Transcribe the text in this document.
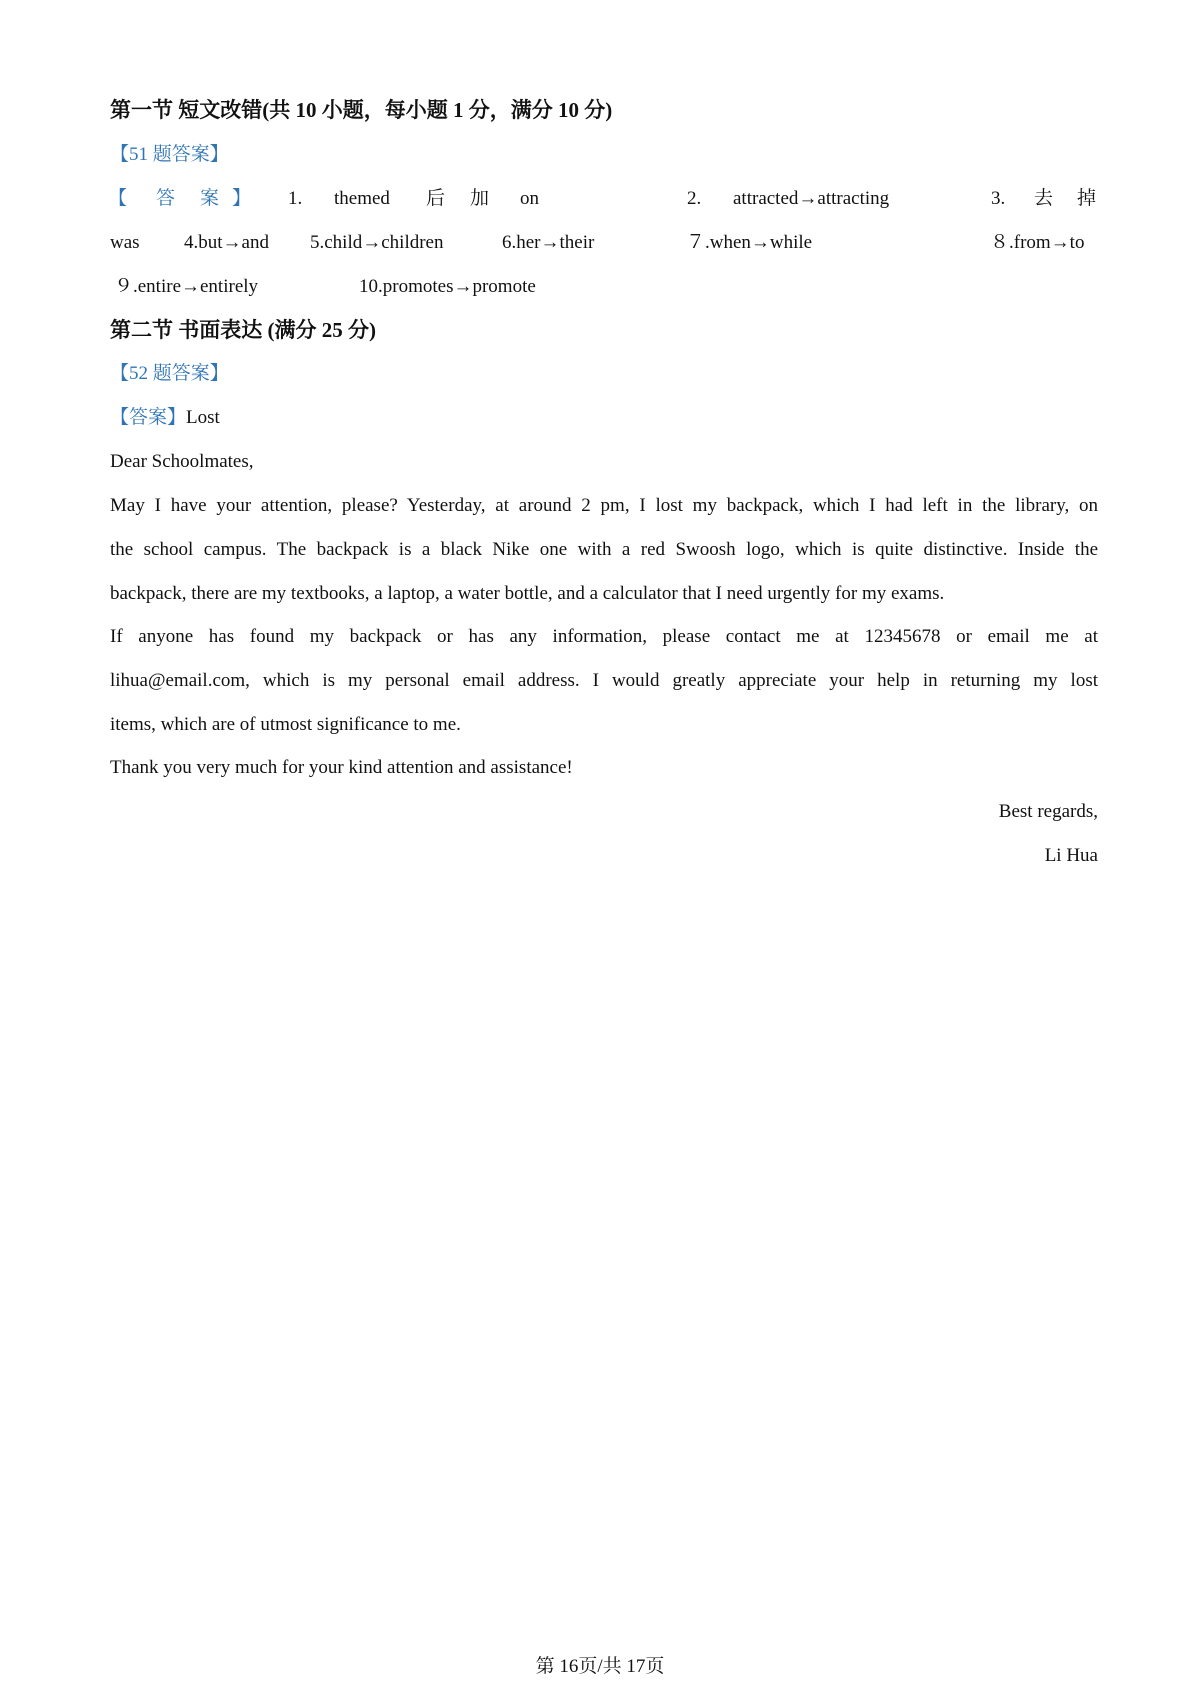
第一节 短文改错(共 10 小题，每小题 1 分，满分 10 分)
【51 题答案】
【 答 案 】 1. themed 后 加 on	2. attracted→attracting	3. 去 掉
was 4.but→and 5.child→children	6.her→their	７.when→while	８.from→to
９.entire→entirely	10.promotes→promote
第二节 书面表达 (满分 25 分)
【52 题答案】
【答案】Lost
Dear Schoolmates,
May I have your attention, please? Yesterday, at around 2 pm, I lost my backpack, which I had left in the library, on
the school campus. The backpack is a black Nike one with a red Swoosh logo, which is quite distinctive. Inside the
backpack, there are my textbooks, a laptop, a water bottle, and a calculator that I need urgently for my exams.
If anyone has found my backpack or has any information, please contact me at 12345678 or email me at
lihua@email.com, which is my personal email address. I would greatly appreciate your help in returning my lost
items, which are of utmost significance to me.
Thank you very much for your kind attention and assistance!
Best regards,
Li Hua
第 16页/共 17页
